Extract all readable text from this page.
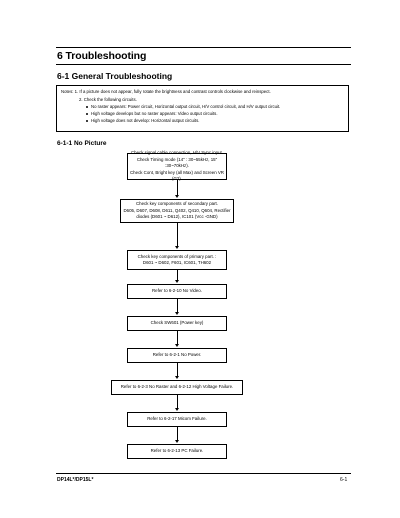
6 Troubleshooting
6-1 General Troubleshooting
Notes: 1. If a picture does not appear, fully rotate the brightness and contrast controls clockwise and reinspect.
2. Check the following circuits.
No raster appears: Power circuit, Horizontal output circuit, H/V control circuit, and H/V output circuit.
High voltage develops but no raster appears: Video output circuits.
High voltage does not develop: Horizontal output circuits.
6-1-1 No Picture
Check signal cable connection, H/V Sync input.
Check Timing mode (14" : 30~55kHz, 15" :30~70kHz).
Check Cont, Bright key (all Max) and Screen VR (G2).
Check key components of secondary part.
D605, D607, D608, D611, Q402, Q410, Q604, Rectifier
diodes (D601 ~ D612), IC101 (Vcc -GND)
Check key components of primary part. :
D601 ~ D602, F601, IC601, TH602
Refer to 6-2-10 No Video.
Check SW601 (Power key)
Refer to 6-2-1 No Power.
Refer to 6-2-3 No Raster and 6-2-12 High Voltage Failure.
Refer to 6-2-17 Micom Failure.
DP14L*/DP15L*	6-1
Refer to 6-2-13 PC Failure.
